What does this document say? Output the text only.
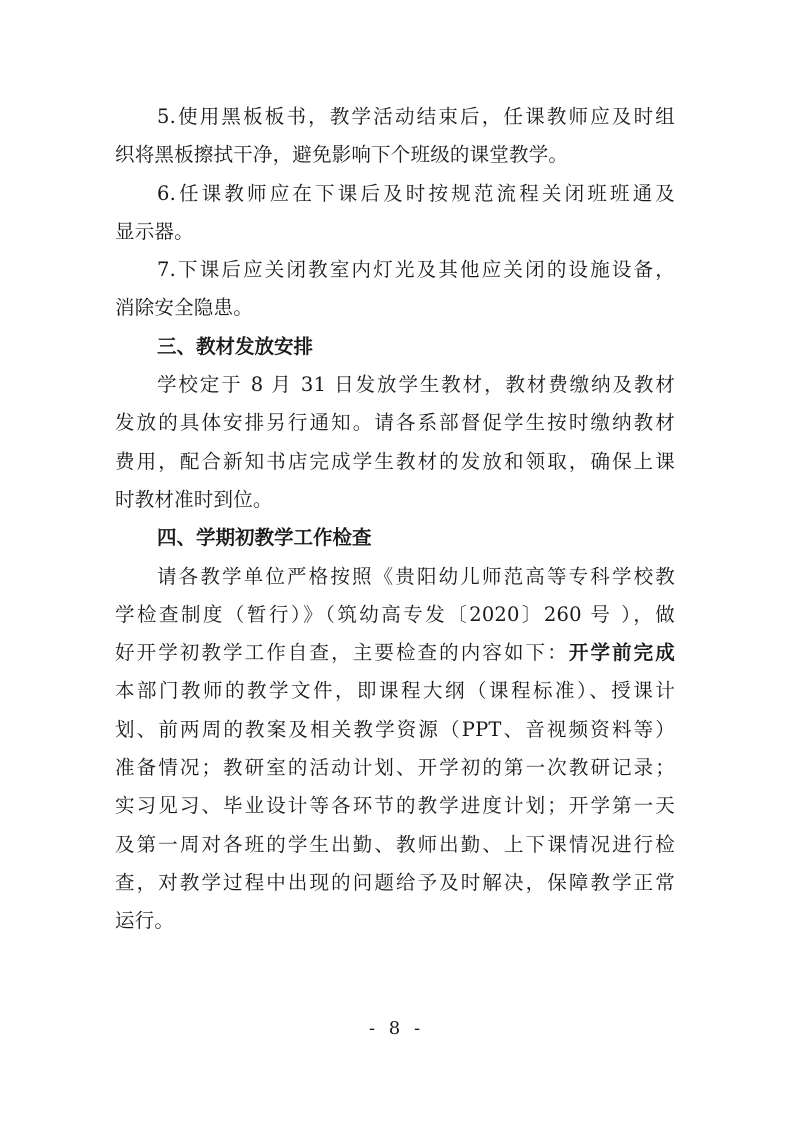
5.使用黑板板书，教学活动结束后，任课教师应及时组
织将黑板擦拭干净，避免影响下个班级的课堂教学。
6.任课教师应在下课后及时按规范流程关闭班班通及
显示器。
7.下课后应关闭教室内灯光及其他应关闭的设施设备，
消除安全隐患。
三、教材发放安排
学校定于 8 月 31 日发放学生教材，教材费缴纳及教材
发放的具体安排另行通知。请各系部督促学生按时缴纳教材
费用，配合新知书店完成学生教材的发放和领取，确保上课
时教材准时到位。
四、学期初教学工作检查
请各教学单位严格按照《贵阳幼儿师范高等专科学校教
学检查制度（暂行）》（筑幼高专发〔2020〕260 号 ），做
好开学初教学工作自查，主要检查的内容如下：开学前完成
本部门教师的教学文件，即课程大纲（课程标准）、授课计
划、前两周的教案及相关教学资源（PPT、音视频资料等）
准备情况；教研室的活动计划、开学初的第一次教研记录；
实习见习、毕业设计等各环节的教学进度计划；开学第一天
及第一周对各班的学生出勤、教师出勤、上下课情况进行检
查，对教学过程中出现的问题给予及时解决，保障教学正常
运行。
- 8 -
